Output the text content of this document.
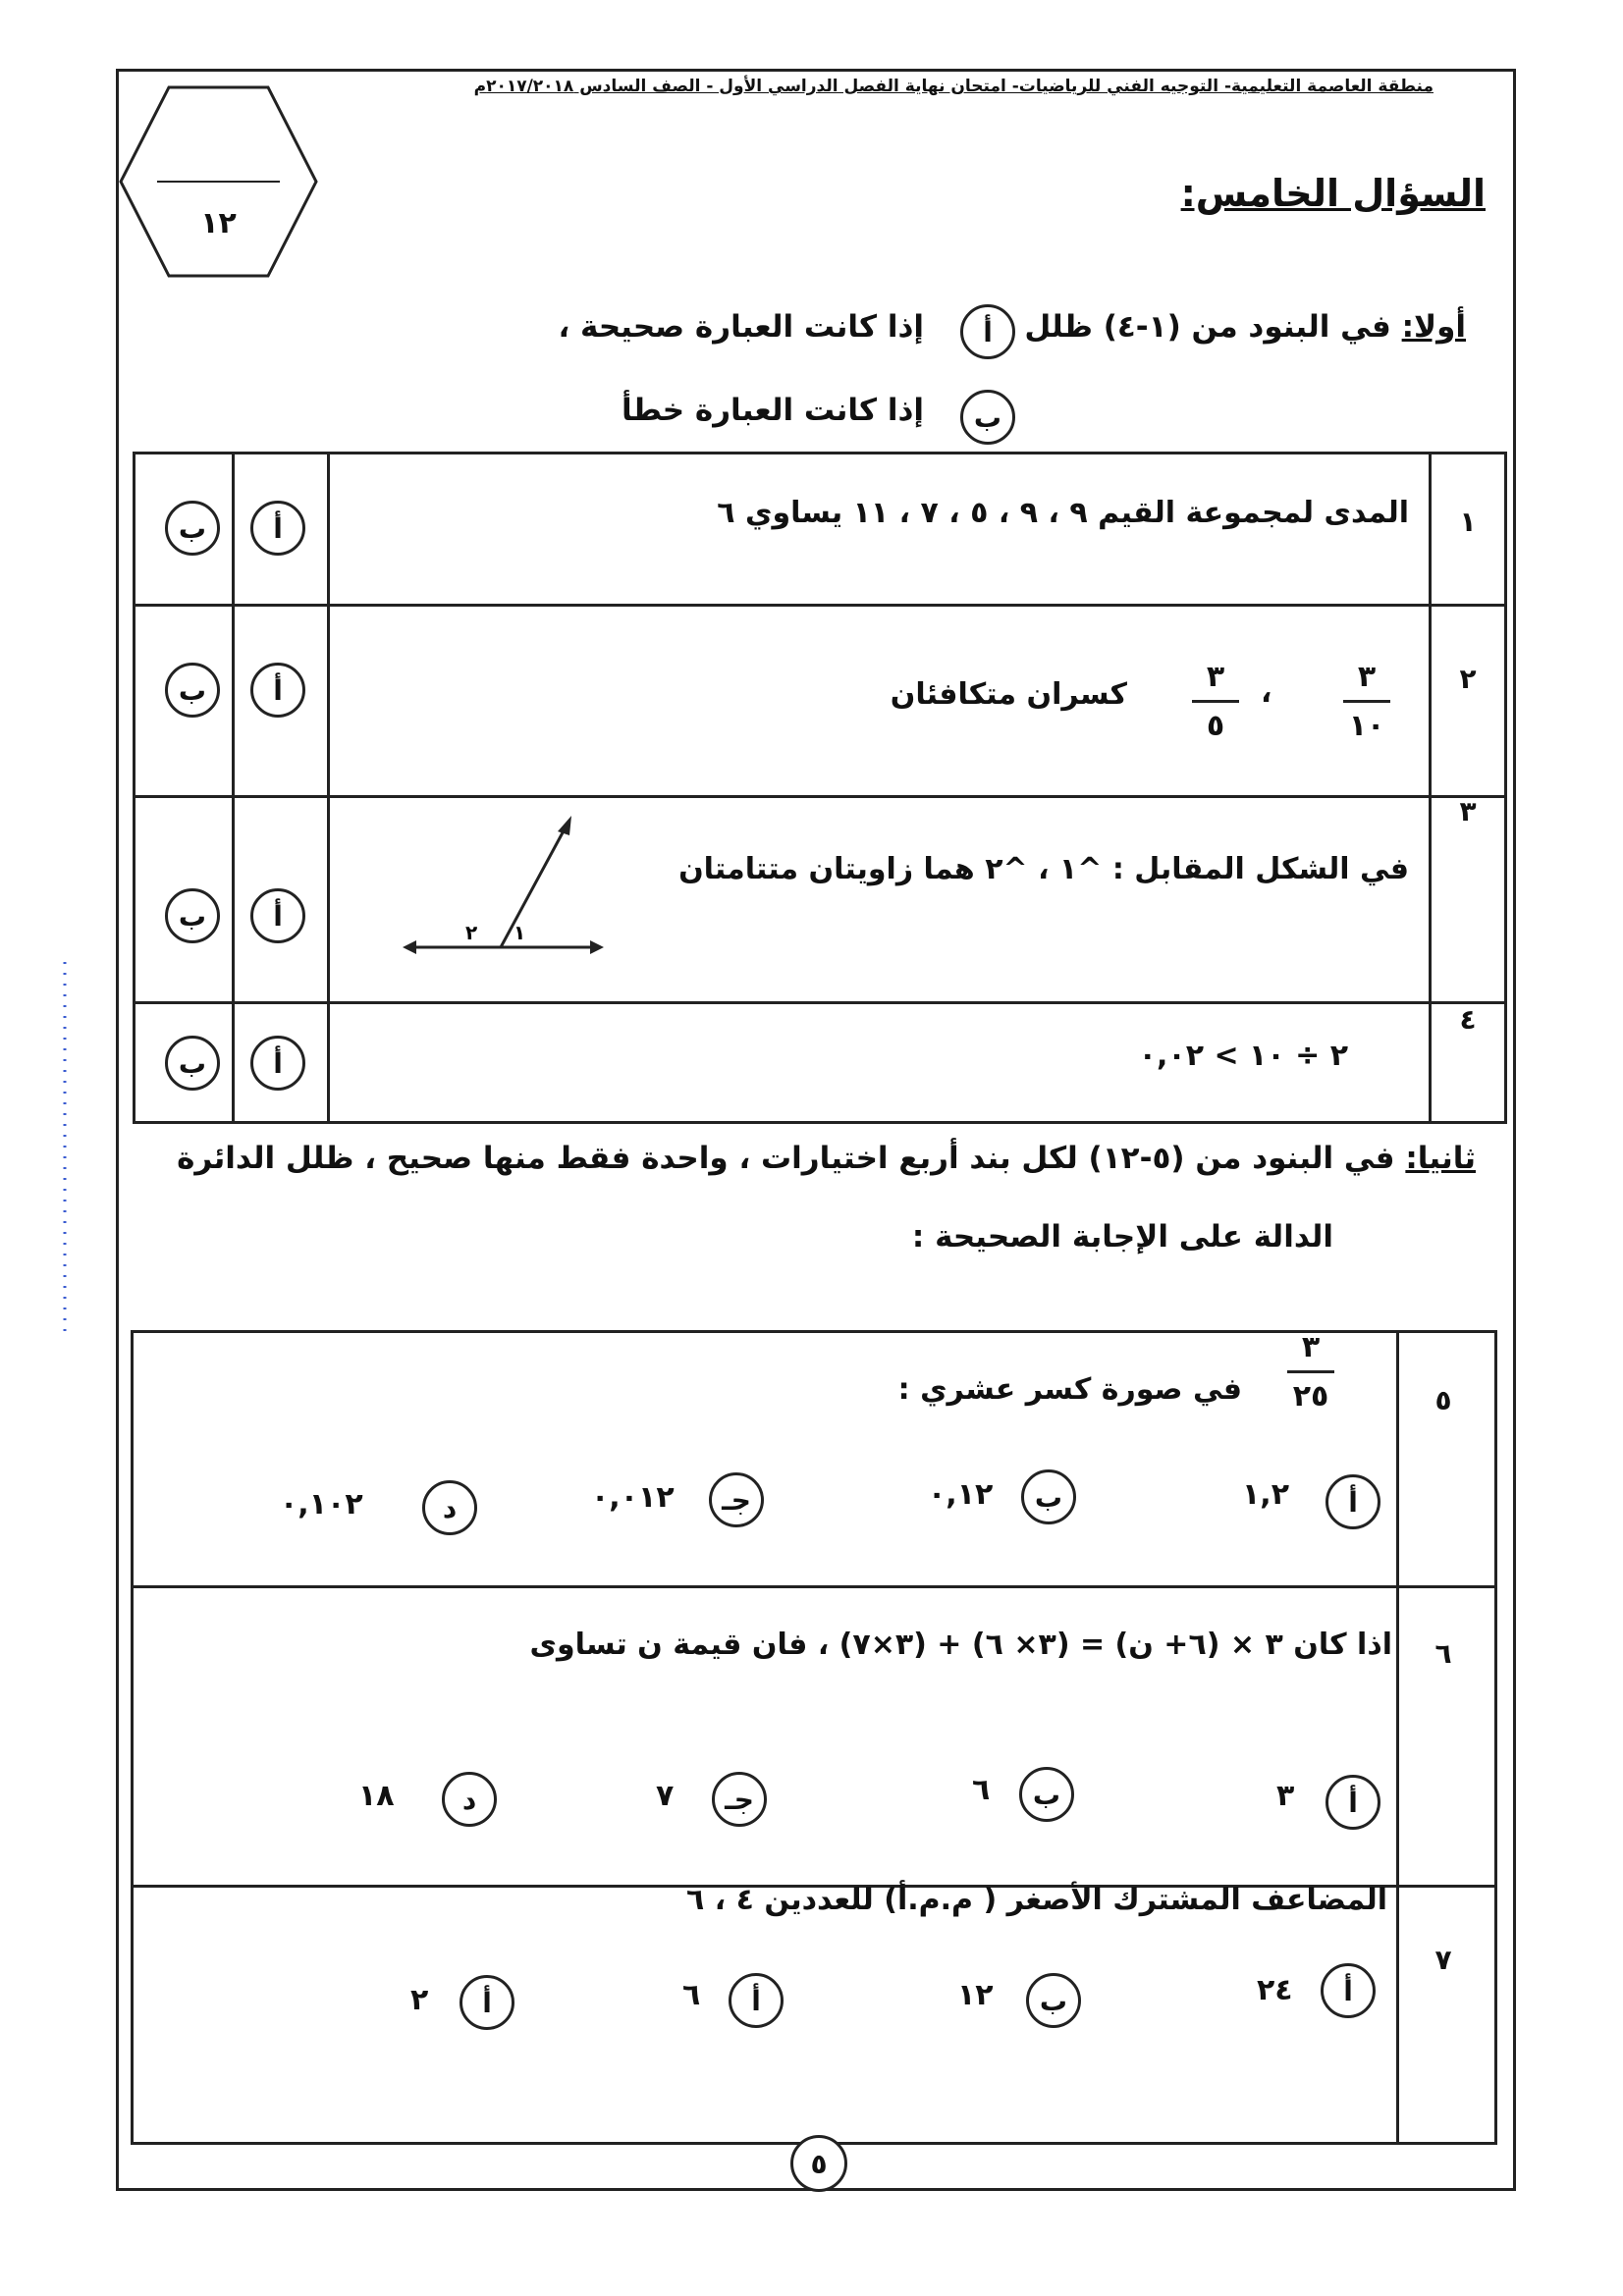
منطقة العاصمة التعليمية- التوجيه الفني للرياضيات- امتحان نهاية الفصل الدراسي الأول - الصف السادس ٢٠١٧/٢٠١٨م
١٢
السؤال الخامس:
أولا: في البنود من (١-٤) ظلل
أ
إذا كانت العبارة صحيحة ،
ب
إذا كانت العبارة خطأ
١
المدى لمجموعة القيم ٩ ، ٩ ، ٥ ، ٧ ، ١١ يساوي ٦
أ
ب
٢
٣
١٠
،
٣
٥
كسران متكافئان
أ
ب
٣
في الشكل المقابل : ^١ ، ^٢ هما زاويتان متتامتان
١
٢
أ
ب
٤
٢ ÷ ١٠ > ٠,٠٢
أ
ب
ثانيا: في البنود من (٥-١٢) لكل بند أربع اختيارات ، واحدة فقط منها صحيح ، ظلل الدائرة
الدالة على الإجابة الصحيحة :
٥
٣
٢٥
في صورة كسر عشري :
أ
١,٢
ب
٠,١٢
جـ
٠,٠١٢
د
٠,١٠٢
٦
اذا كان ٣ × (٦+ ن) = (٣× ٦) + (٣×٧) ، فان قيمة ن تساوى
أ
٣
ب
٦
جـ
٧
د
١٨
٧
المضاعف المشترك الأصغر ( م.م.أ) للعددين ٤ ، ٦
أ
٢٤
ب
١٢
أ
٦
أ
٢
٥
